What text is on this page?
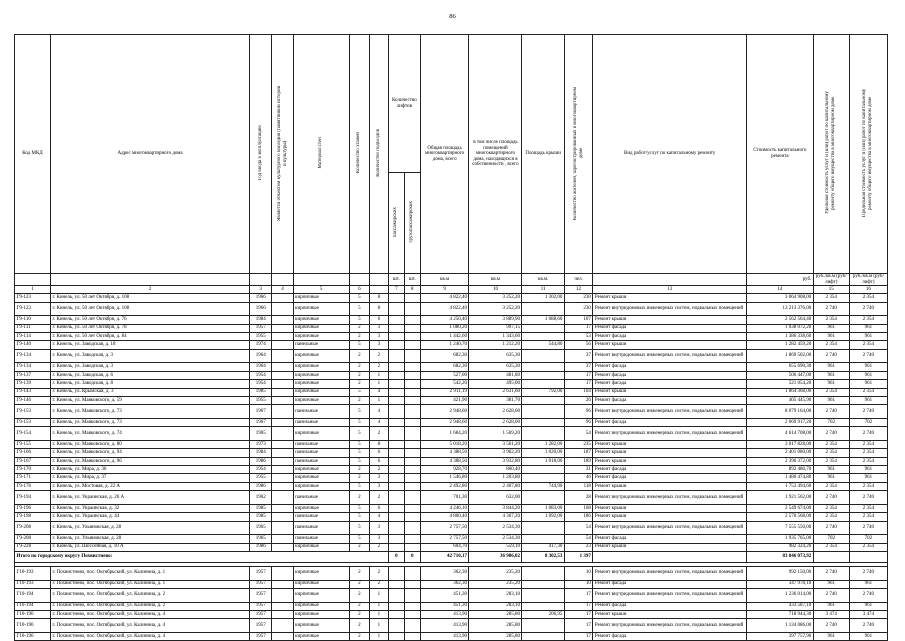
86
Код МКД	Адрес многоквартирного дома	Год ввода в эксплуатацию	Является объектом культурного наследия (памятником истории и культуры)	Материал стен	Количество этажей	Количество подъездов	Количество лифтов		Общая площадь многоквартирного дома, всего	в том числе площадь помещений многоквартирного дома, находящихся в собственности , всего	Площадь крыши	Количество жителей, зарегистрированных в многоквартирном доме	Вид работ/услуг по капитальному ремонту	Стоимость капитального ремонта	Удельная стоимость услуг и (или) работ по капитальному ремонту общего имущества в многоквартирном доме	Предельная стоимость услуг и (или) работ по капитальному ремонту общего имущества в многоквартирном доме
							пассажирских	грузопассажирских								
							шт.	шт.	кв.м	кв.м	кв.м.	чел.		руб.	руб./кв.м (руб/лифт)	руб./кв.м (руб/лифт)
1	2	3	4	5	6		7	8	9	10	11	12	13	14	15	16
Г9-123	г. Кинель, ул. 50 лет Октября, д. 108	1966		кирпичные	5	8			4 822,40	3 252,20	1 302,00	230	Ремонт крыши	3 064 908,00	2 354	2 354
Г9-123	г. Кинель, ул. 50 лет Октября, д. 108	1966		кирпичные	5	8			4 822,40	3 252,20		230	Ремонт внутридомовых инженерных систем, подвальных помещений	13 213 376,00	2 740	2 740
Г9-110	г. Кинель, ул. 50 лет Октября, д. 76	1984		кирпичные	5	6			4 250,40	3 889,90	1 088,60	107	Ремонт крыши	2 562 564,40	2 354	2 354
Г9-111	г. Кинель, ул. 50 лет Октября, д. 78	1957		кирпичные	2	3			1 080,20	997,15		17	Ремонт фасада	1 038 072,20	961	961
Г9-114	г. Кинель, ул. 50 лет Октября, д. 84	1955		кирпичные	2	3			1 442,60	1 343,60		53	Ремонт фасада	1 386 338,60	961	961
Г9-140	г. Кинель, ул. Заводская, д. 18	1974		панельные	5	3			1 240,70	1 212,20	544,80	56	Ремонт крыши	1 282 459,20	2 354	2 354
Г9-134	г. Кинель, ул. Заводская, д. 3	1964		кирпичные	2	2			682,30	635,30		37	Ремонт внутридомовых инженерных систем, подвальных помещений	1 869 502,00	2 740	2 740
Г9-134	г. Кинель, ул. Заводская, д. 3	1964		кирпичные	2	2			682,30	635,30		37	Ремонт фасада	655 690,30	961	961
Г9-137	г. Кинель, ул. Заводская, д. 6	1954		кирпичные	2	1			527,00	481,80		17	Ремонт фасада	506 447,00	961	961
Г9-139	г. Кинель, ул. Заводская, д. 8	1954		кирпичные	2	1			542,20	495,00		17	Ремонт фасада	521 054,20	961	961
Г9-143	г. Кинель, ул. Крымская, д. 3	1985		кирпичные	5	4			2 911,19	2 631,60	792,00	104	Ремонт крыши	1 864 368,00	2 354	2 354
Г9-146	г. Кинель, ул. Маяковского, д. 59	1955		кирпичные	2	1			421,90	381,70		26	Ремонт фасада	405 445,90	961	961
Г9-153	г. Кинель, ул. Маяковского, д. 73	1967		панельные	5	4			2 948,60	2 628,00		96	Ремонт внутридомовых инженерных систем, подвальных помещений	8 079 164,00	2 740	2 740
Г9-153	г. Кинель, ул. Маяковского, д. 73	1967		панельные	5	4			2 948,60	2 628,00		96	Ремонт фасада	2 069 917,20	702	702
Г9-154	г. Кинель, ул. Маяковского, д. 74	1965		кирпичные	5	2			1 684,20	1 569,20		54	Ремонт внутридомовых инженерных систем, подвальных помещений	4 614 708,00	2 740	2 740
Г9-155	г. Кинель, ул. Маяковского, д. 80	1973		панельные	5	8			5 018,20	3 561,20	1 282,00	235	Ремонт крыши	3 017 828,00	2 354	2 354
Г9-166	г. Кинель, ул. Маяковского, д. 94	1984		панельные	5	6			4 388,50	3 962,20	1 020,00	187	Ремонт крыши	2 401 080,00	2 354	2 354
Г9-167	г. Кинель, ул. Маяковского, д. 96	1986		панельные	5	6			4 388,50	3 932,80	1 018,00	189	Ремонт крыши	2 396 372,00	2 354	2 354
Г9-170	г. Кинель, ул. Мира, д. 36	1954		кирпичные	2	2			928,70	860,40		31	Ремонт фасада	892 480,70	961	961
Г9-171	г. Кинель, ул. Мира, д. 37	1955		кирпичные	2	3			1 546,80	1 203,80		46	Ремонт фасада	1 486 474,80	961	961
Г9-176	г. Кинель, ул. Мостовая, д. 22 А	1986		кирпичные	5	3			2 492,80	2 407,80	744,90	118	Ремонт крыши	1 753 494,60	2 354	2 354
Г9-194	г. Кинель, ул. Украинская, д. 26 А	1962		панельные	2	2			701,30	632,00		28	Ремонт внутридомовых инженерных систем, подвальных помещений	1 921 562,00	2 740	2 740
Г9-196	г. Кинель, ул. Украинская, д. 32	1985		кирпичные	5	6			4 246,10	3 844,20	1 083,00	168	Ремонт крыши	2 549 674,00	2 354	2 354
Г9-198	г. Кинель, ул. Украинская, д. 44	1985		панельные	5	4			4 800,40	4 367,20	1 092,00	186	Ремонт крыши	2 570 568,00	2 354	2 354
Г9-208	г. Кинель, ул. Ульяновская, д. 28	1965		панельные	5	3			2 757,50	2 534,30		54	Ремонт внутридомовых инженерных систем, подвальных помещений	7 555 550,00	2 740	2 740
Г9-208	г. Кинель, ул. Ульяновская, д. 28	1965		панельные	5	3			2 757,50	2 534,30		54	Ремонт фасада	1 935 765,00	702	702
Г9-228	г. Кинель, ул. Шоссейная, д. 10 А	1986		кирпичные	2	2			604,70	559,10	417,30	23	Ремонт крыши	982 324,20	2 354	2 354
Итого по городскому округу Похвистнево:							0	0	42 710,17	36 986,02	8 302,53	1 397		83 846 073,92		

Г10-193	г. Похвистнево, пос. Октябрьский, ул. Калинина, д. 1	1957		кирпичные	2	2			362,30	235,20		10	Ремонт внутридомовых инженерных систем, подвальных помещений	992 150,00	2 740	2 740
Г10-193	г. Похвистнево, пос. Октябрьский, ул. Калинина, д. 1	1957		кирпичные	2	2			362,30	235,20		10	Ремонт фасада	347 978,10	961	961
Г10-194	г. Похвистнево, пос. Октябрьский, ул. Калинина, д. 2	1957		кирпичные	2	1			451,30	283,10		17	Ремонт внутридомовых инженерных систем, подвальных помещений	1 236 014,00	2 740	2 740
Г10-194	г. Похвистнево, пос. Октябрьский, ул. Калинина, д. 2	1957		кирпичные	2	1			451,30	283,10		17	Ремонт фасада	433 587,10	961	961
Г10-196	г. Похвистнево, пос. Октябрьский, ул. Калинина, д. 4	1957		кирпичные	2	1			413,90	285,80	206,95	17	Ремонт крыши	718 944,30	3 474	3 474
Г10-196	г. Похвистнево, пос. Октябрьский, ул. Калинина, д. 4	1957		кирпичные	2	1			413,90	285,80		17	Ремонт внутридомовых инженерных систем, подвальных помещений	1 134 086,00	2 740	2 740
Г10-196	г. Похвистнево, пос. Октябрьский, ул. Калинина, д. 4	1957		кирпичные	2	1			413,90	285,80		17	Ремонт фасада	397 757,90	961	961
